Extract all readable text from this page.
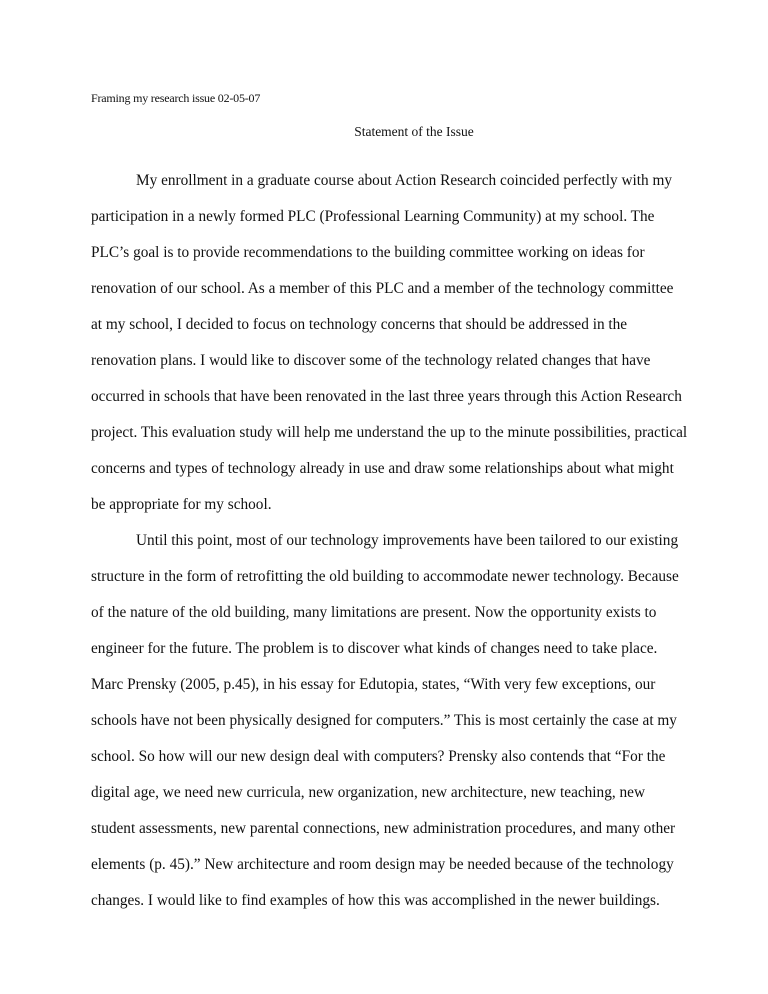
Framing my research issue 02-05-07
Statement of the Issue
My enrollment in a graduate course about Action Research coincided perfectly with my
participation in a newly formed PLC (Professional Learning Community) at my school. The
PLC’s goal is to provide recommendations to the building committee working on ideas for
renovation of our school. As a member of this PLC and a member of the technology committee
at my school, I decided to focus on technology concerns that should be addressed in the
renovation plans. I would like to discover some of the technology related changes that have
occurred in schools that have been renovated in the last three years through this Action Research
project. This evaluation study will help me understand the up to the minute possibilities, practical
concerns and types of technology already in use and draw some relationships about what might
be appropriate for my school.
Until this point, most of our technology improvements have been tailored to our existing
structure in the form of retrofitting the old building to accommodate newer technology. Because
of the nature of the old building, many limitations are present. Now the opportunity exists to
engineer for the future. The problem is to discover what kinds of changes need to take place.
Marc Prensky (2005, p.45), in his essay for Edutopia, states, “With very few exceptions, our
schools have not been physically designed for computers.” This is most certainly the case at my
school. So how will our new design deal with computers? Prensky also contends that “For the
digital age, we need new curricula, new organization, new architecture, new teaching, new
student assessments, new parental connections, new administration procedures, and many other
elements (p. 45).” New architecture and room design may be needed because of the technology
changes. I would like to find examples of how this was accomplished in the newer buildings.
